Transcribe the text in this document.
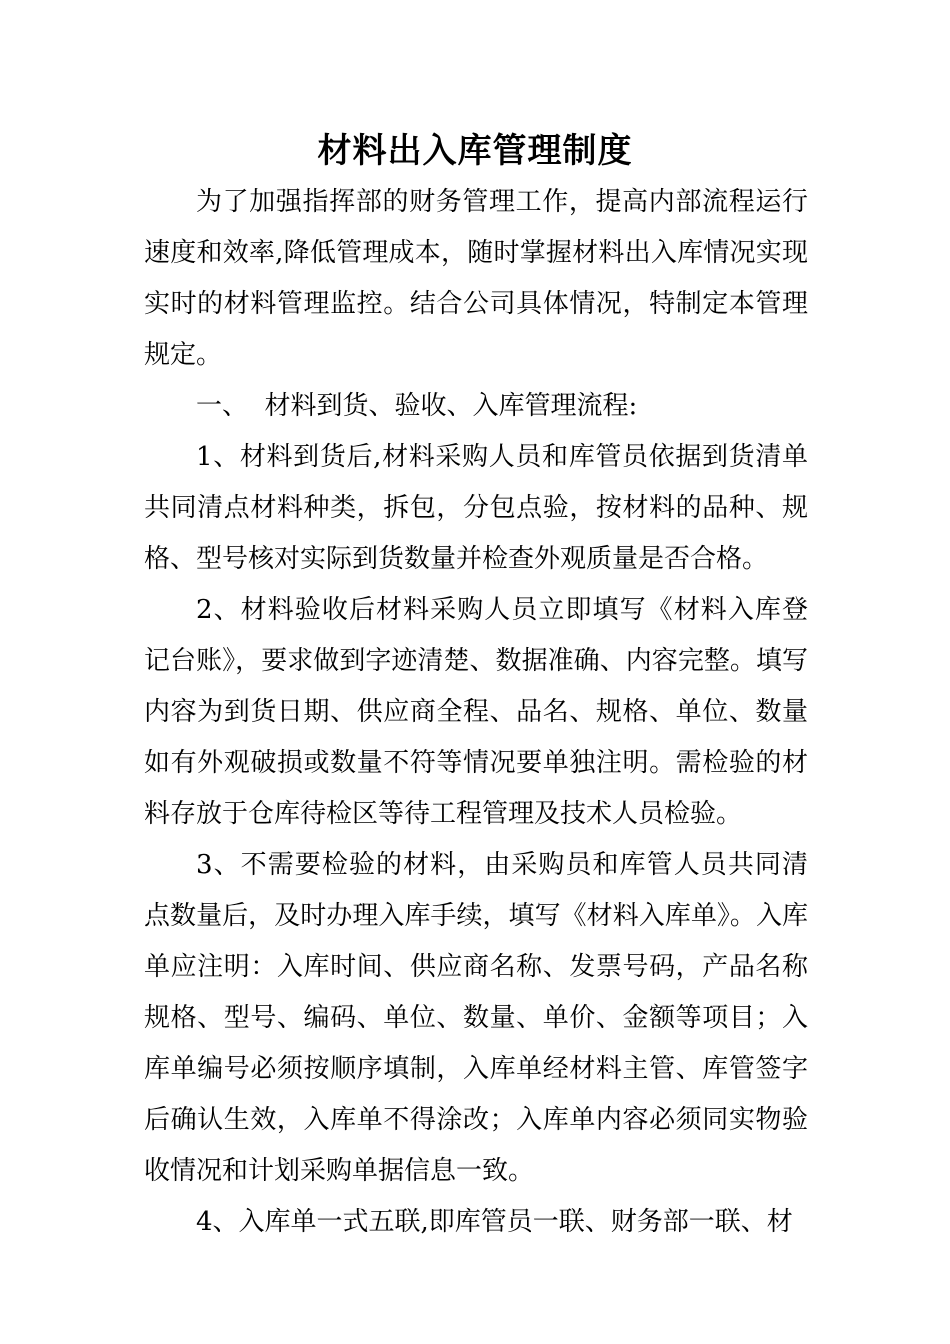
材料出入库管理制度

为了加强指挥部的财务管理工作，提高内部流程运行速度和效率,降低管理成本，随时掌握材料出入库情况实现实时的材料管理监控。结合公司具体情况，特制定本管理规定。

一、  材料到货、验收、入库管理流程:

1、材料到货后,材料采购人员和库管员依据到货清单共同清点材料种类，拆包，分包点验，按材料的品种、规格、型号核对实际到货数量并检查外观质量是否合格。

2、材料验收后材料采购人员立即填写《材料入库登记台账》，要求做到字迹清楚、数据准确、内容完整。填写内容为到货日期、供应商全程、品名、规格、单位、数量如有外观破损或数量不符等情况要单独注明。需检验的材料存放于仓库待检区等待工程管理及技术人员检验。

3、不需要检验的材料，由采购员和库管人员共同清点数量后，及时办理入库手续，填写《材料入库单》。入库单应注明：入库时间、供应商名称、发票号码，产品名称规格、型号、编码、单位、数量、单价、金额等项目；入库单编号必须按顺序填制，入库单经材料主管、库管签字后确认生效，入库单不得涂改；入库单内容必须同实物验收情况和计划采购单据信息一致。

4、入库单一式五联,即库管员一联、财务部一联、材
